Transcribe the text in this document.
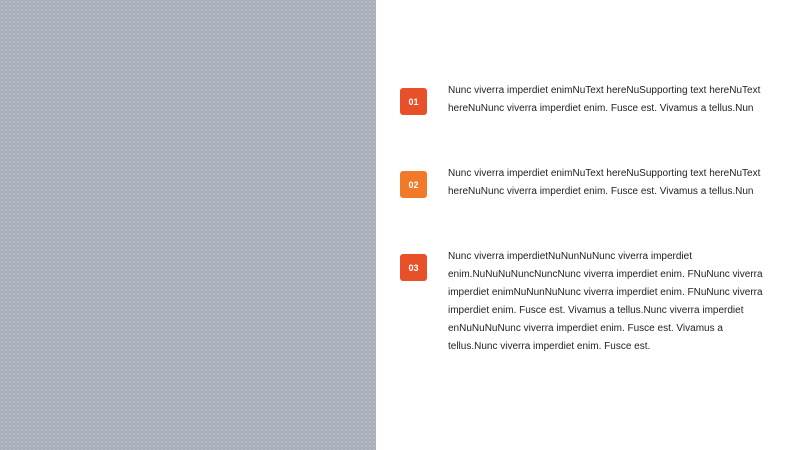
01

Nunc viverra imperdiet enimNuText hereNuSupporting text hereNuText hereNuNunc viverra imperdiet enim. Fusce est. Vivamus a tellus.Nun

02

Nunc viverra imperdiet enimNuText hereNuSupporting text hereNuText hereNuNunc viverra imperdiet enim. Fusce est. Vivamus a tellus.Nun

03

Nunc viverra imperdietNuNunNuNunc viverra imperdiet enim.NuNuNuNuncNuncNunc viverra imperdiet enim. FNuNunc viverra imperdiet enimNuNunNuNunc viverra imperdiet enim. FNuNunc viverra imperdiet enim. Fusce est. Vivamus a tellus.Nunc viverra imperdiet enNuNuNuNunc viverra imperdiet enim. Fusce est. Vivamus a tellus.Nunc viverra imperdiet enim. Fusce est.
